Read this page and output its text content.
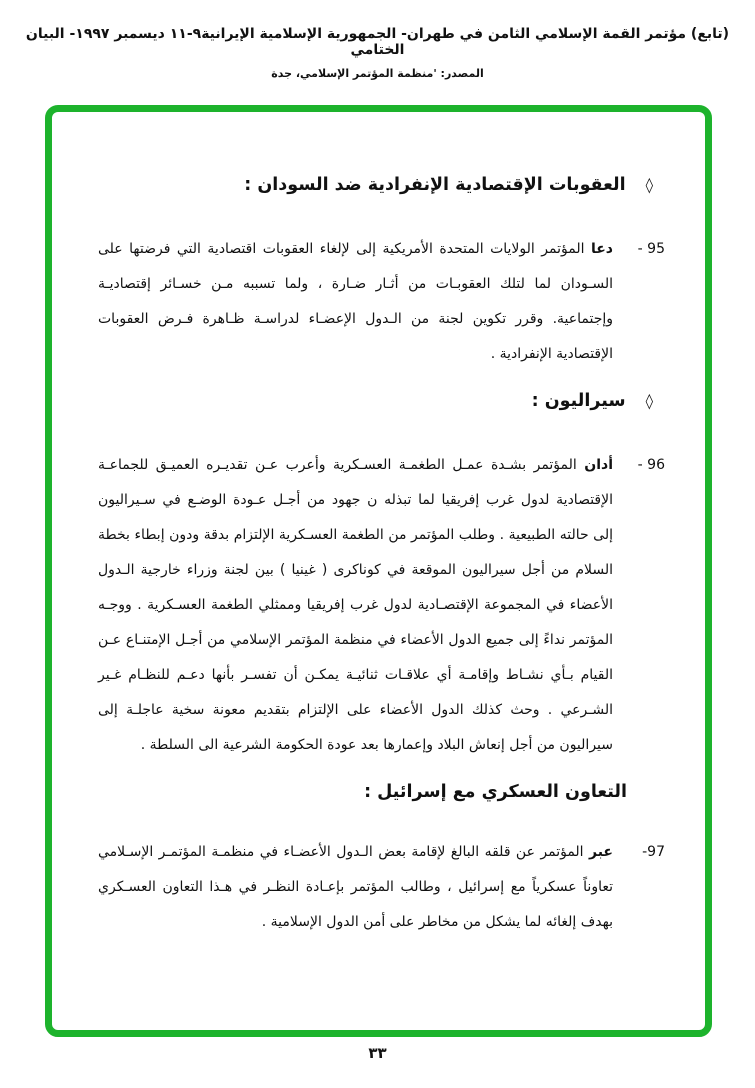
(تابع) مؤتمر القمة الإسلامي الثامن في طهران- الجمهورية الإسلامية الإيرانية٩-١١ ديسمبر ١٩٩٧- البيان الختامي
المصدر: 'منظمة المؤتمر الإسلامي، جدة
◊
العقوبات الإقتصادية الإنفرادية ضد السودان :
95 -
دعا المؤتمر الولايات المتحدة الأمريكية إلى لإلغاء العقوبات اقتصادية التي فرضتها على
السـودان لما لتلك العقوبـات من أثـار ضـارة ، ولما تسببه مـن خسـائر إقتصاديـة
وإجتماعية. وقرر تكوين لجنة من الـدول الإعضـاء لدراسـة ظـاهرة فـرض العقوبات
الإقتصادية الإنفرادية .
◊
سيراليون :
96 -
أدان المؤتمر بشـدة عمـل الطغمـة العسـكرية وأعرب عـن تقديـره العميـق للجماعـة
الإقتصادية لدول غرب إفريقيا لما تبذله ن جهود من أجـل عـودة الوضـع في سـيراليون
إلى حالته الطبيعية . وطلب المؤتمر من الطغمة العسـكرية الإلتزام بدقة ودون إبطاء بخطة
السلام من أجل سيراليون الموقعة في كوناكرى ( غينيا ) بين لجنة وزراء خارجية الـدول
الأعضاء في المجموعة الإقتصـادية لدول غرب إفريقيا وممثلي الطغمة العسـكرية . ووجـه
المؤتمر نداءً إلى جميع الدول الأعضاء في منظمة المؤتمر الإسلامي من أجـل الإمتنـاع عـن
القيام بـأي نشـاط وإقامـة أي علاقـات ثنائيـة يمكـن أن تفسـر بأنها دعـم للنظـام غـير
الشـرعي . وحث كذلك الدول الأعضاء على الإلتزام بتقديم معونة سخية عاجلـة إلى
سيراليون من أجل إنعاش البلاد وإعمارها بعد عودة الحكومة الشرعية الى السلطة .
التعاون العسكري مع إسرائيل :
97-
عبر المؤتمر عن قلقه البالغ لإقامة بعض الـدول الأعضـاء في منظمـة المؤتمـر الإسـلامي
تعاوناً عسكرياً مع إسرائيل ، وطالب المؤتمر بإعـادة النظـر في هـذا التعاون العسـكري
بهدف إلغائه لما يشكل من مخاطر على أمن الدول الإسلامية .
٣٣
